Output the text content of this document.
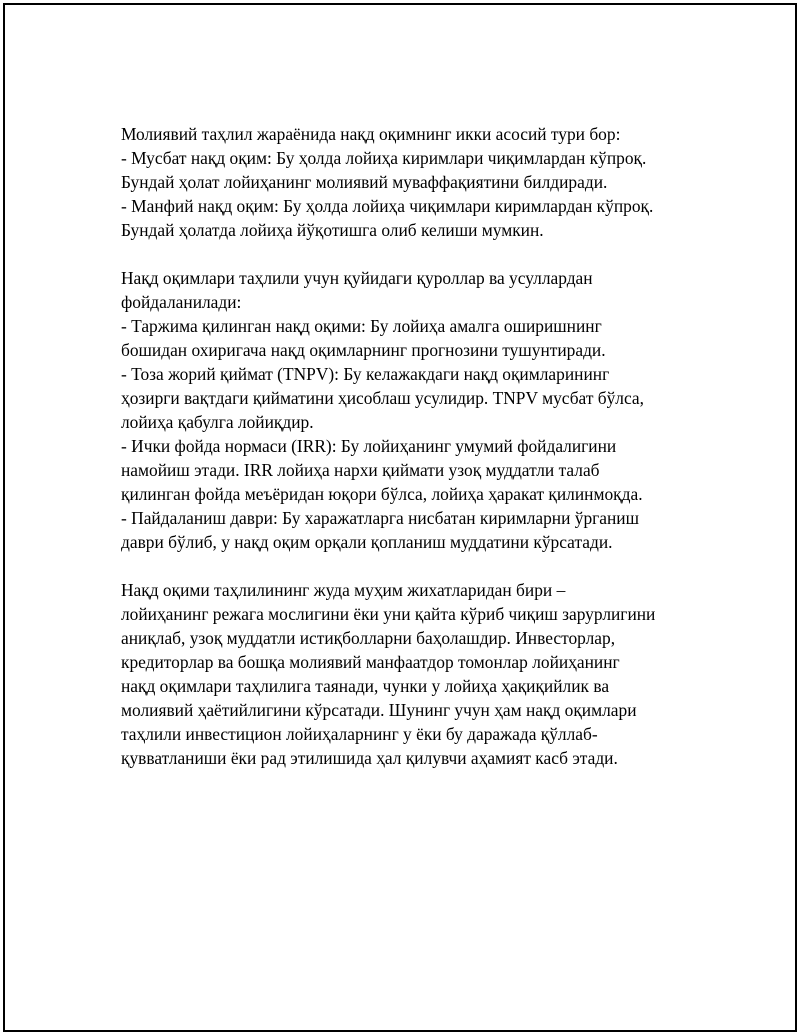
Молиявий таҳлил жараёнида нақд оқимнинг икки асосий тури бор:
- Мусбат нақд оқим: Бу ҳолда лойиҳа киримлари чиқимлардан кўпроқ.
Бундай ҳолат лойиҳанинг молиявий муваффақиятини билдиради.
- Манфий нақд оқим: Бу ҳолда лойиҳа чиқимлари киримлардан кўпроқ.
Бундай ҳолатда лойиҳа йўқотишга олиб келиши мумкин.

Нақд оқимлари таҳлили учун қуйидаги қуроллар ва усуллардан
фойдаланилади:
- Таржима қилинган нақд оқими: Бу лойиҳа амалга оширишнинг
бошидан охиригача нақд оқимларнинг прогнозини тушунтиради.
- Тоза жорий қиймат (TNPV): Бу келажакдаги нақд оқимларининг
ҳозирги вақтдаги қийматини ҳисоблаш усулидир. TNPV мусбат бўлса,
лойиҳа қабулга лойиқдир.
- Ички фойда нормаси (IRR): Бу лойиҳанинг умумий фойдалигини
намойиш этади. IRR лойиҳа нархи қиймати узоқ муддатли талаб
қилинган фойда меъёридан юқори бўлса, лойиҳа ҳаракат қилинмоқда.
- Пайдаланиш даври: Бу харажатларга нисбатан киримларни ўрганиш
даври бўлиб, у нақд оқим орқали қопланиш муддатини кўрсатади.

Нақд оқими таҳлилининг жуда муҳим жихатларидан бири –
лойиҳанинг режага мослигини ёки уни қайта кўриб чиқиш зарурлигини
аниқлаб, узоқ муддатли истиқболларни баҳолашдир. Инвесторлар,
кредиторлар ва бошқа молиявий манфаатдор томонлар лойиҳанинг
нақд оқимлари таҳлилига таянади, чунки у лойиҳа ҳақиқийлик ва
молиявий ҳаётийлигини кўрсатади. Шунинг учун ҳам нақд оқимлари
таҳлили инвестицион лойиҳаларнинг у ёки бу даражада қўллаб-
қувватланиши ёки рад этилишида ҳал қилувчи аҳамият касб этади.
